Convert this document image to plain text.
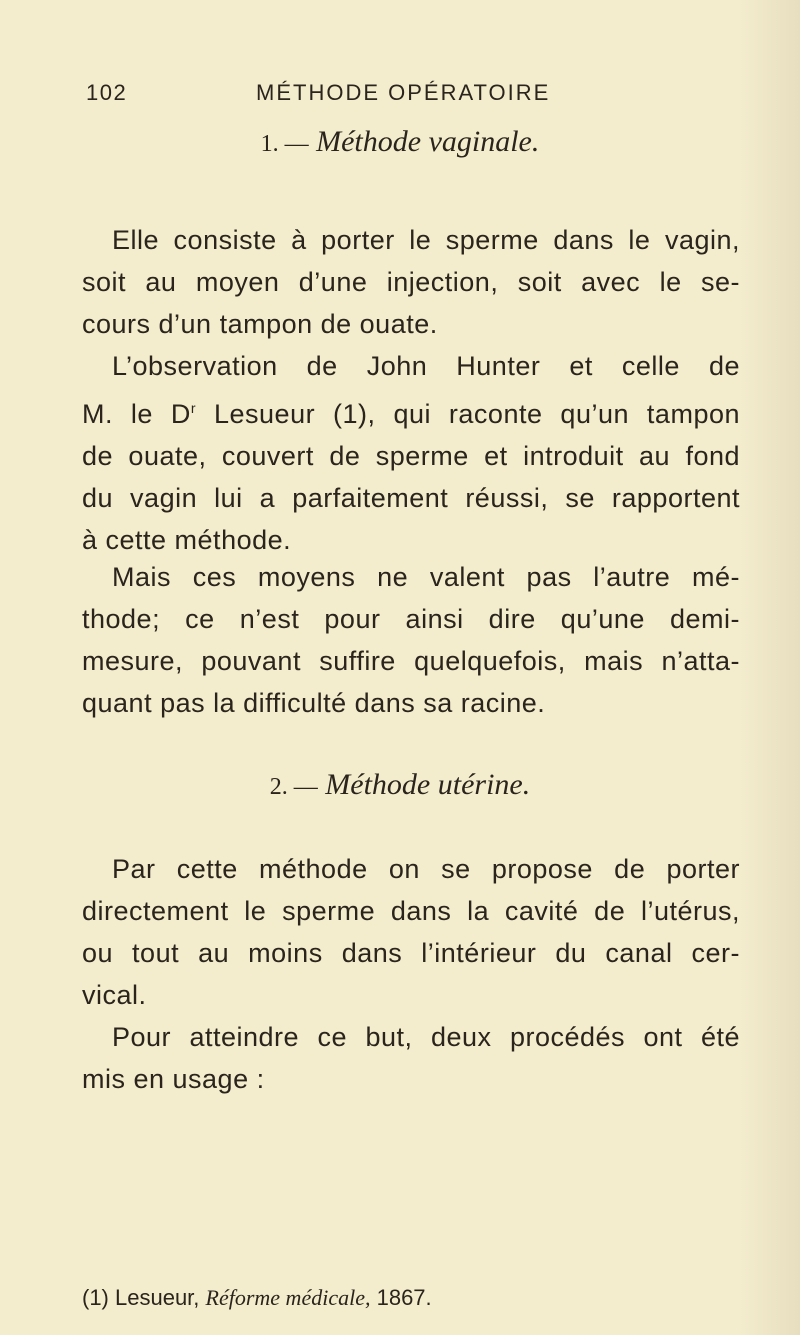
102	MÉTHODE OPÉRATOIRE
1. — Méthode vaginale.
Elle consiste à porter le sperme dans le vagin,
soit au moyen d’une injection, soit avec le se-
cours d’un tampon de ouate.
L’observation de John Hunter et celle de
M. le $D^r$ Lesueur (1), qui raconte qu’un tampon
de ouate, couvert de sperme et introduit au fond
du vagin lui a parfaitement réussi, se rapportent
à cette méthode.
Mais ces moyens ne valent pas l’autre mé-
thode; ce n’est pour ainsi dire qu’une demi-
mesure, pouvant suffire quelquefois, mais n’atta-
quant pas la difficulté dans sa racine.
2. — Méthode utérine.
Par cette méthode on se propose de porter
directement le sperme dans la cavité de l’utérus,
ou tout au moins dans l’intérieur du canal cer-
vical.
Pour atteindre ce but, deux procédés ont été
mis en usage :
(1) Lesueur, Réforme médicale, 1867.
